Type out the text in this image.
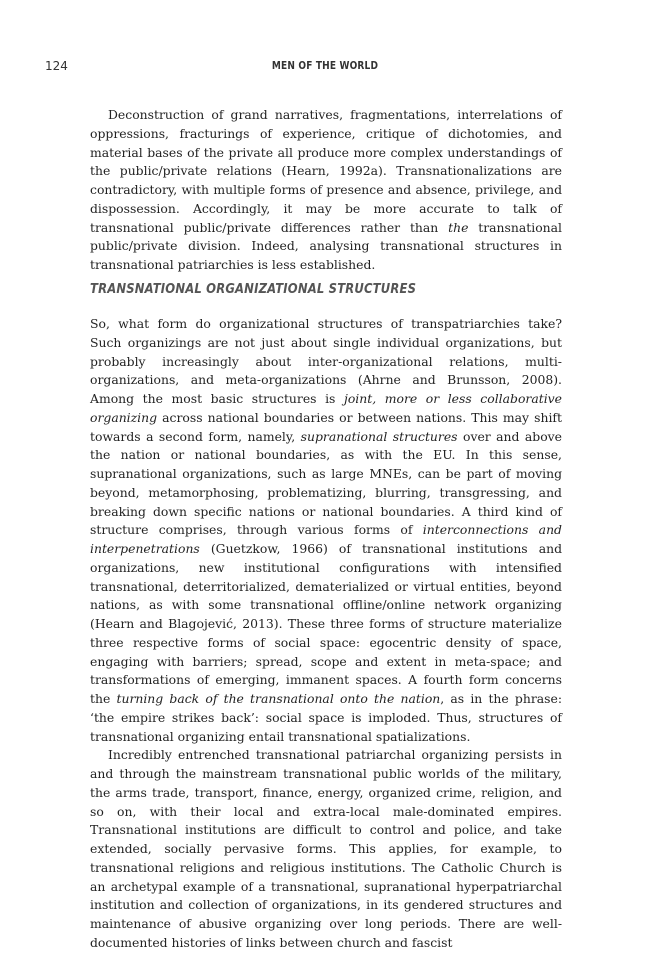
124	MEN OF THE WORLD

Deconstruction of grand narratives, fragmentations, interrelations of oppressions, fracturings of experience, critique of dichotomies, and material bases of the private all produce more complex understandings of the public/private relations (Hearn, 1992a). Transnationalizations are contradictory, with multiple forms of presence and absence, privilege, and dispossession. Accordingly, it may be more accurate to talk of transnational public/private differences rather than the transnational public/private division. Indeed, analysing transnational structures in transnational patriarchies is less established.

TRANSNATIONAL ORGANIZATIONAL STRUCTURES

So, what form do organizational structures of transpatriarchies take? Such organizings are not just about single individual organizations, but probably increasingly about inter-organizational relations, multi-organizations, and meta-organizations (Ahrne and Brunsson, 2008). Among the most basic structures is joint, more or less collaborative organizing across national boundaries or between nations. This may shift towards a second form, namely, supranational structures over and above the nation or national boundaries, as with the EU. In this sense, supranational organizations, such as large MNEs, can be part of moving beyond, metamorphosing, problematizing, blurring, transgressing, and breaking down specific nations or national boundaries. A third kind of structure comprises, through various forms of interconnections and interpenetrations (Guetzkow, 1966) of transnational institutions and organizations, new institutional configurations with intensified transnational, deterritorialized, dematerialized or virtual entities, beyond nations, as with some transnational offline/online network organizing (Hearn and Blagojević, 2013). These three forms of structure materialize three respective forms of social space: egocentric density of space, engaging with barriers; spread, scope and extent in meta-space; and transformations of emerging, immanent spaces. A fourth form concerns the turning back of the transnational onto the nation, as in the phrase: ‘the empire strikes back’: social space is imploded. Thus, structures of transnational organizing entail transnational spatializations.

Incredibly entrenched transnational patriarchal organizing persists in and through the mainstream transnational public worlds of the military, the arms trade, transport, finance, energy, organized crime, religion, and so on, with their local and extra-local male-dominated empires. Transnational institutions are difficult to control and police, and take extended, socially pervasive forms. This applies, for example, to transnational religions and religious institutions. The Catholic Church is an archetypal example of a transnational, supranational hyperpatriarchal institution and collection of organizations, in its gendered structures and maintenance of abusive organizing over long periods. There are well-documented histories of links between church and fascist
